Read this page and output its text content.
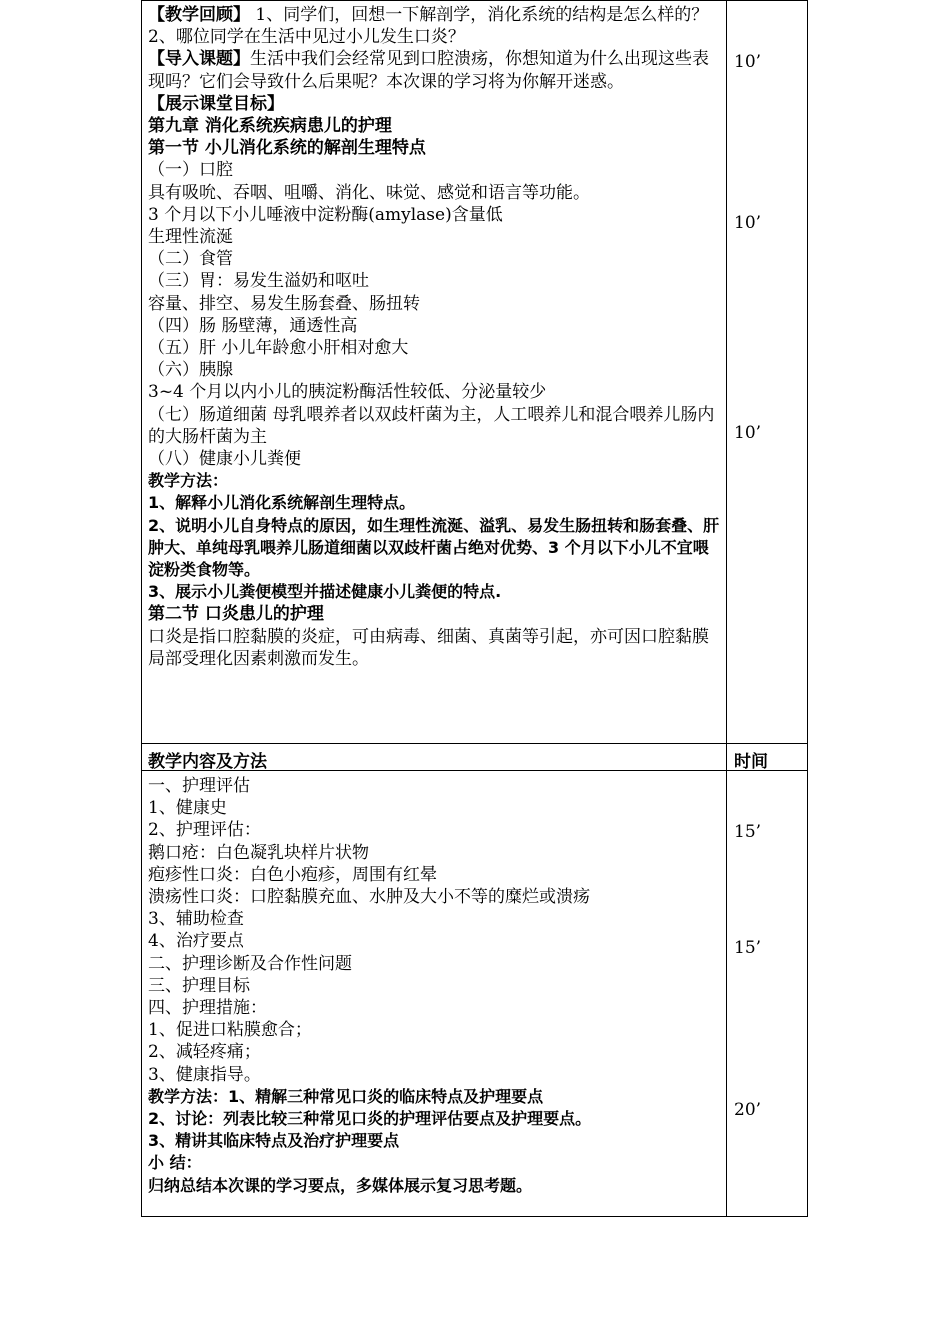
【教学回顾】 1、同学们，回想一下解剖学，消化系统的结构是怎么样的？

2、哪位同学在生活中见过小儿发生口炎？

【导入课题】生活中我们会经常见到口腔溃疡，你想知道为什么出现这些表现吗？它们会导致什么后果呢？本次课的学习将为你解开迷惑。

【展示课堂目标】

第九章 消化系统疾病患儿的护理

第一节 小儿消化系统的解剖生理特点

（一）口腔

具有吸吮、吞咽、咀嚼、消化、味觉、感觉和语言等功能。

3 个月以下小儿唾液中淀粉酶(amylase)含量低

生理性流涎

（二）食管

（三）胃：易发生溢奶和呕吐

容量、排空、易发生肠套叠、肠扭转

（四）肠 肠壁薄，通透性高

（五）肝 小儿年龄愈小肝相对愈大

（六）胰腺

3~4 个月以内小儿的胰淀粉酶活性较低、分泌量较少

（七）肠道细菌 母乳喂养者以双歧杆菌为主，人工喂养儿和混合喂养儿肠内的大肠杆菌为主

（八）健康小儿粪便

教学方法：

1、解释小儿消化系统解剖生理特点。

2、说明小儿自身特点的原因，如生理性流涎、溢乳、易发生肠扭转和肠套叠、肝肿大、单纯母乳喂养儿肠道细菌以双歧杆菌占绝对优势、3 个月以下小儿不宜喂淀粉类食物等。

3、展示小儿粪便模型并描述健康小儿粪便的特点.

第二节 口炎患儿的护理

口炎是指口腔黏膜的炎症，可由病毒、细菌、真菌等引起，亦可因口腔黏膜局部受理化因素刺激而发生。

10’
10’
10’
教学内容及方法	时间

一、护理评估

1、健康史

2、护理评估：

鹅口疮：白色凝乳块样片状物

疱疹性口炎：白色小疱疹，周围有红晕

溃疡性口炎：口腔黏膜充血、水肿及大小不等的糜烂或溃疡

3、辅助检查

4、治疗要点

二、护理诊断及合作性问题

三、护理目标

四、护理措施：

1、促进口粘膜愈合；

2、减轻疼痛；

3、健康指导。

教学方法：1、精解三种常见口炎的临床特点及护理要点

2、讨论：列表比较三种常见口炎的护理评估要点及护理要点。

3、精讲其临床特点及治疗护理要点

小 结：

归纳总结本次课的学习要点，多媒体展示复习思考题。

15’
15’
20’
